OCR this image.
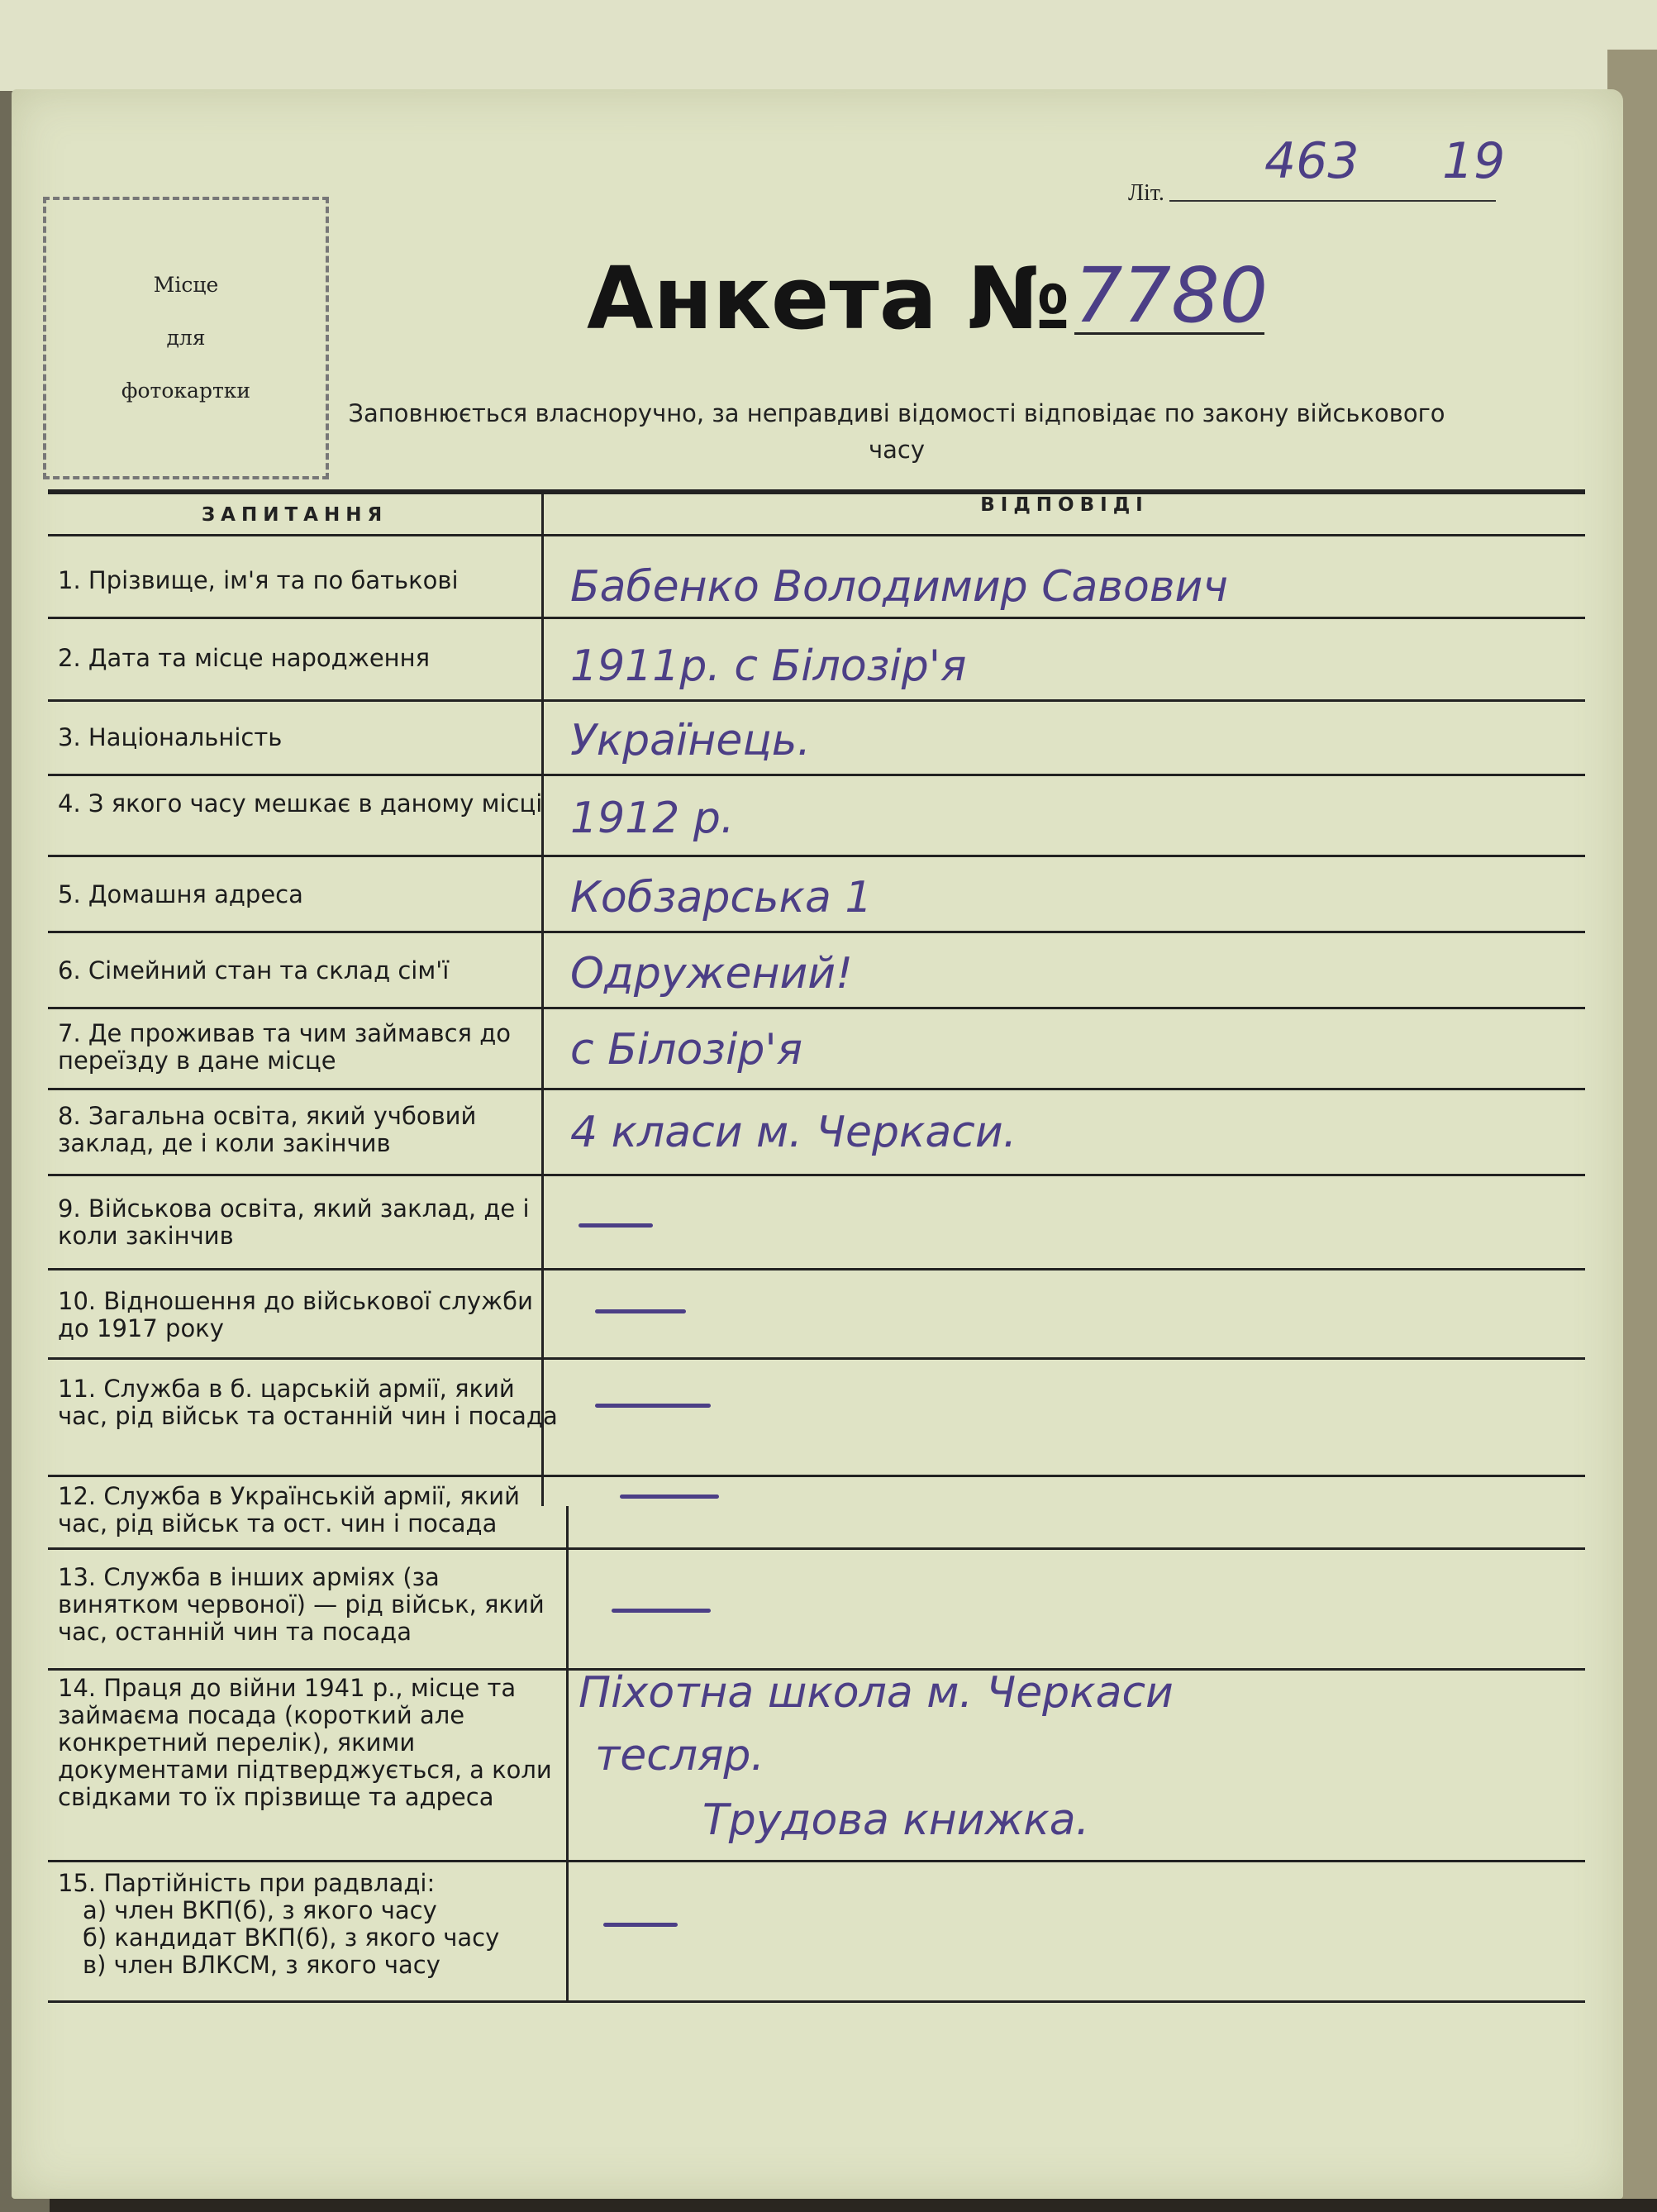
Літ.
463 19
Місце
для
фотокартки
Анкета № 7780
Заповнюється власноручно, за неправдиві відомості відповідає по закону військового часу
ЗАПИТАННЯ	ВІДПОВІДІ
1. Прізвище, ім'я та по батькові
2. Дата та місце народження
3. Національність
4. З якого часу мешкає в даному місці
5. Домашня адреса
6. Сімейний стан та склад сім'ї
7. Де проживав та чим займався до переїзду в дане місце
8. Загальна освіта, який учбовий заклад, де і коли закінчив
9. Військова освіта, який заклад, де і коли закінчив
10. Відношення до військової служби до 1917 року
11. Служба в б. царській армії, який час, рід військ та останній чин і посада
12. Служба в Українській армії, який час, рід військ та ост. чин і посада
13. Служба в інших арміях (за винятком червоної) — рід військ, який час, останній чин та посада
14. Праця до війни 1941 р., місце та займаєма посада (короткий але конкретний перелік), якими документами підтверджується, а коли свідками то їх прізвище та адреса
15. Партійність при радвладі:
а) член ВКП(б), з якого часу
б) кандидат ВКП(б), з якого часу
в) член ВЛКСМ, з якого часу
Бабенко Володимир Савович
1911р. с Білозір'я
Українець.
1912 р.
Кобзарська 1
Одружений!
с Білозір'я
4 класи м. Черкаси.
Піхотна школа м. Черкаси
тесляр.
Трудова книжка.
